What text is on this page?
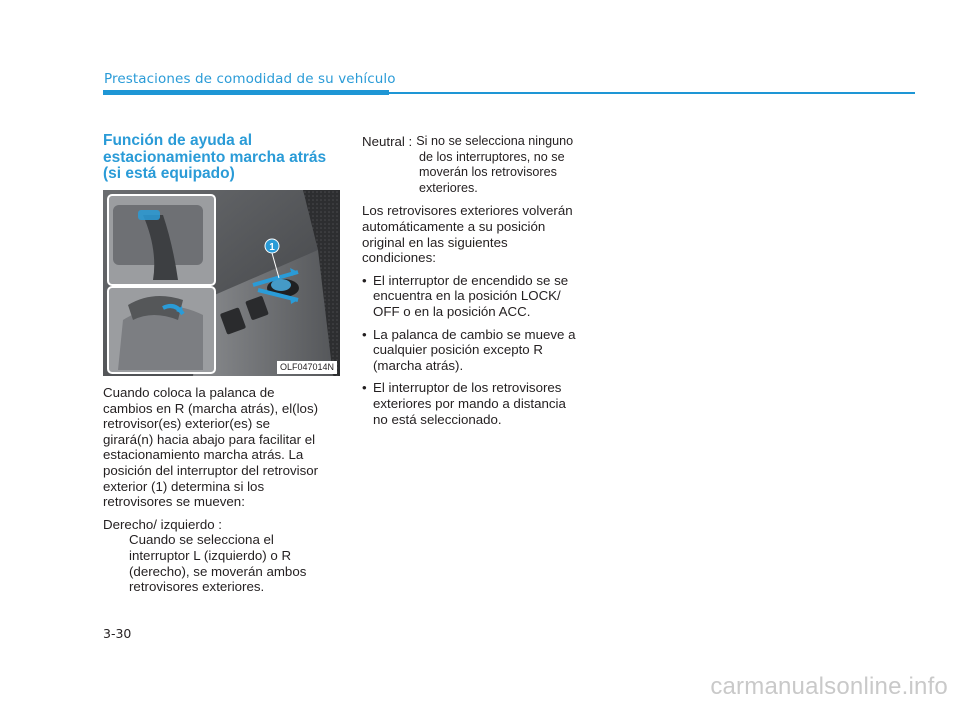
Prestaciones de comodidad de su vehículo
Función de ayuda al
estacionamiento marcha atrás
(si está equipado)
1
OLF047014N

Cuando coloca la palanca de

cambios en R (marcha atrás), el(los)

retrovisor(es) exterior(es) se

girará(n) hacia abajo para facilitar el

estacionamiento marcha atrás. La

posición del interruptor del retrovisor

exterior (1) determina si los

retrovisores se mueven:

Derecho/ izquierdo :

Cuando se selecciona el

interruptor L (izquierdo) o R

(derecho), se moverán ambos

retrovisores exteriores.

Neutral : Si no se selecciona ninguno

de los interruptores, no se

moverán los retrovisores

exteriores.

Los retrovisores exteriores volverán

automáticamente a su posición

original en las siguientes

condiciones:

• El interruptor de encendido se se

encuentra en la posición LOCK/

OFF o en la posición ACC.

• La palanca de cambio se mueve a

cualquier posición excepto R

(marcha atrás).

• El interruptor de los retrovisores

exteriores por mando a distancia

no está seleccionado.

3-30
carmanualsonline.info
